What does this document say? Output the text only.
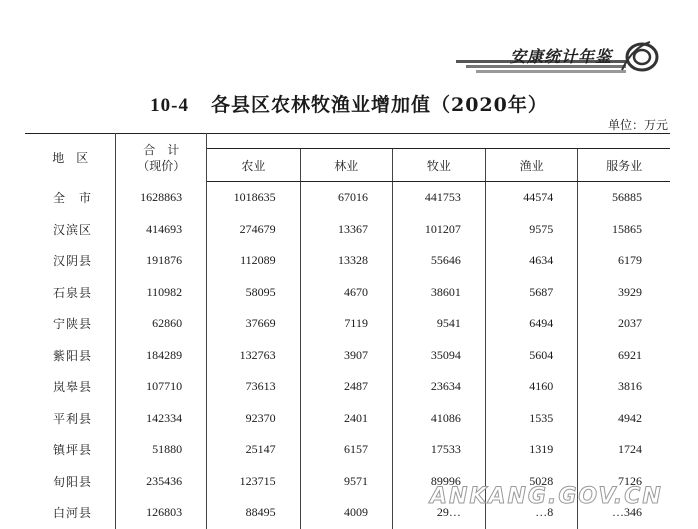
安康统计年鉴
10-4 各县区农林牧渔业增加值（2020年）
单位：万元
地　区	合　计
（现价）					

		农业	林业	牧业	渔业	服务业
全市	1628863	1018635	67016	441753	44574	56885
汉滨区	414693	274679	13367	101207	9575	15865
汉阴县	191876	112089	13328	55646	4634	6179
石泉县	110982	58095	4670	38601	5687	3929
宁陕县	62860	37669	7119	9541	6494	2037
紫阳县	184289	132763	3907	35094	5604	6921
岚皋县	107710	73613	2487	23634	4160	3816
平利县	142334	92370	2401	41086	1535	4942
镇坪县	51880	25147	6157	17533	1319	1724
旬阳县	235436	123715	9571	89996	5028	7126
白河县	126803	88495	4009	29…	…8	…346
ANKANG.GOV.CN
